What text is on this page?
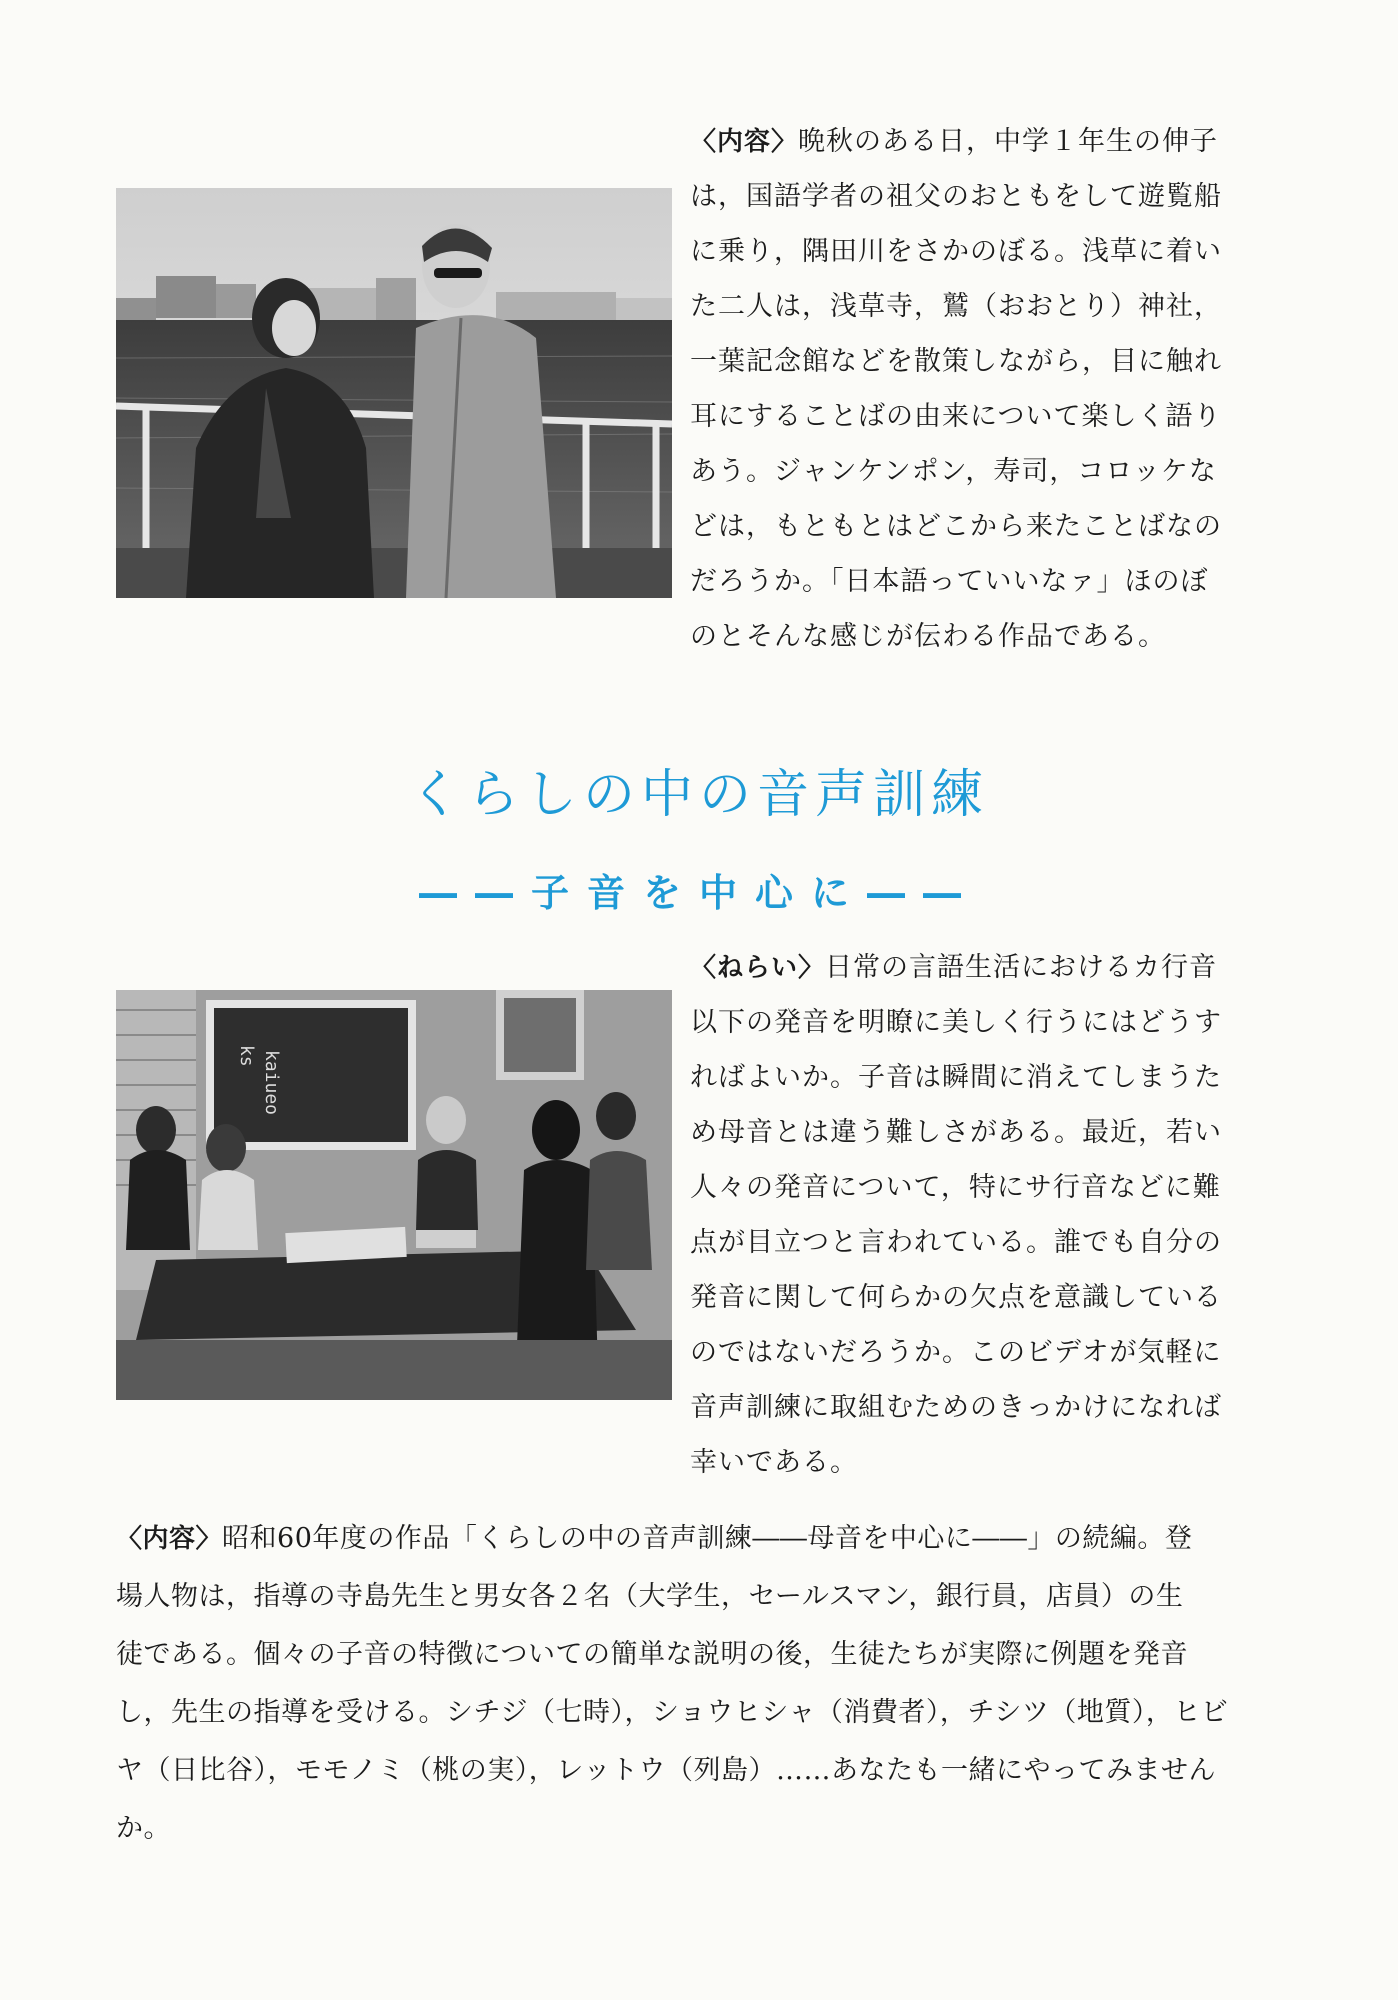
〈内容〉晩秋のある日，中学１年生の伸子
は，国語学者の祖父のおともをして遊覧船
に乗り，隅田川をさかのぼる。浅草に着い
た二人は，浅草寺，鷲（おおとり）神社，
一葉記念館などを散策しながら，目に触れ
耳にすることばの由来について楽しく語り
あう。ジャンケンポン，寿司，コロッケな
どは，もともとはどこから来たことばなの
だろうか。「日本語っていいなァ」ほのぼ
のとそんな感じが伝わる作品である。
くらしの中の音声訓練
――子音を中心に――
kaiueo
ks
〈ねらい〉日常の言語生活におけるカ行音
以下の発音を明瞭に美しく行うにはどうす
ればよいか。子音は瞬間に消えてしまうた
め母音とは違う難しさがある。最近，若い
人々の発音について，特にサ行音などに難
点が目立つと言われている。誰でも自分の
発音に関して何らかの欠点を意識している
のではないだろうか。このビデオが気軽に
音声訓練に取組むためのきっかけになれば
幸いである。
〈内容〉昭和60年度の作品「くらしの中の音声訓練――母音を中心に――」の続編。登
場人物は，指導の寺島先生と男女各２名（大学生，セールスマン，銀行員，店員）の生
徒である。個々の子音の特徴についての簡単な説明の後，生徒たちが実際に例題を発音
し，先生の指導を受ける。シチジ（七時），ショウヒシャ（消費者），チシツ（地質），ヒビ
ヤ（日比谷），モモノミ（桃の実），レットウ（列島）……あなたも一緒にやってみません
か。
